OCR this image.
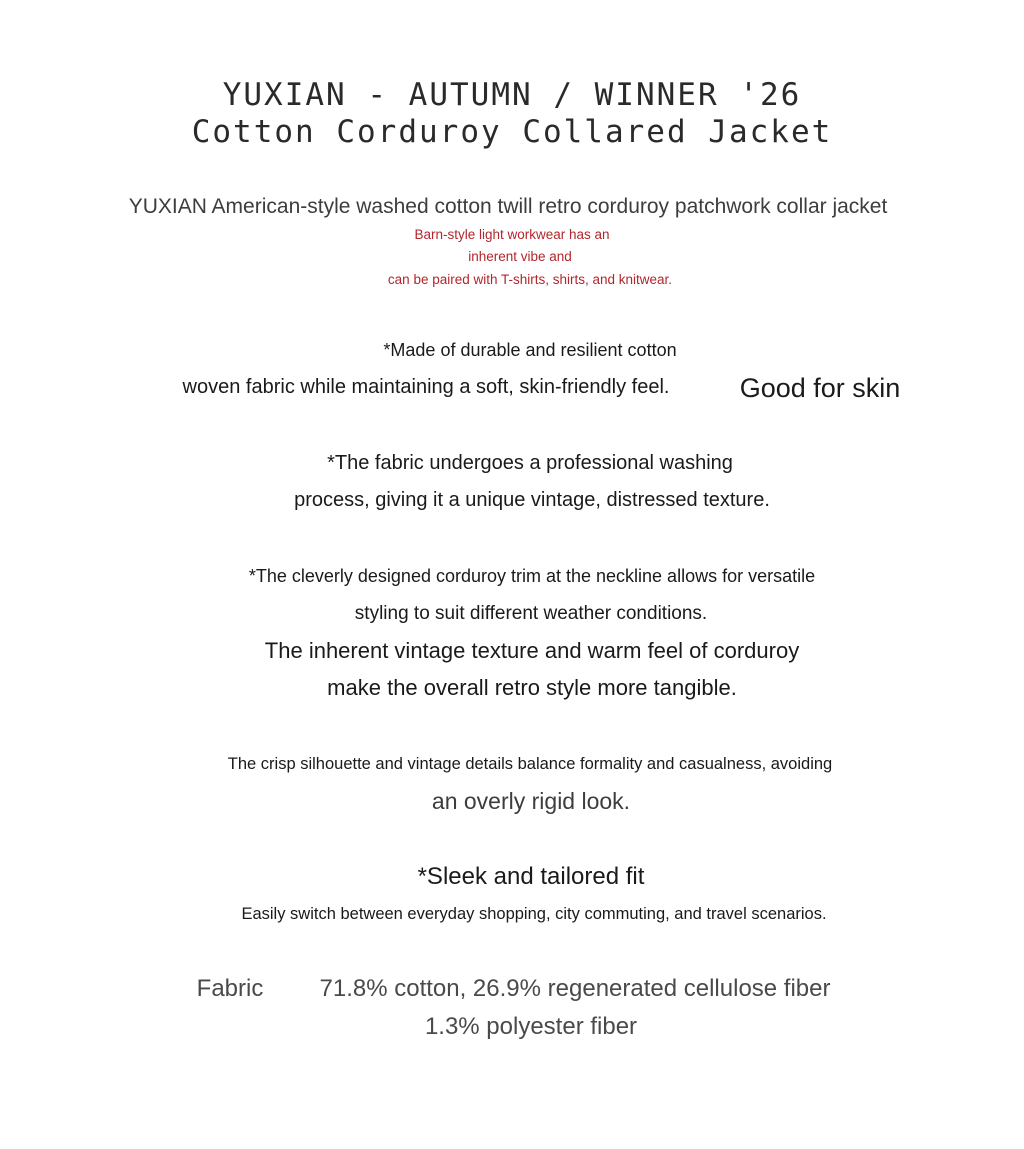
YUXIAN - AUTUMN / WINNER '26
Cotton Corduroy Collared Jacket
YUXIAN American-style washed cotton twill retro corduroy patchwork collar jacket
Barn-style light workwear has an
inherent vibe and
can be paired with T-shirts, shirts, and knitwear.
*Made of durable and resilient cotton
woven fabric while maintaining a soft, skin-friendly feel.	Good for skin
*The fabric undergoes a professional washing
process, giving it a unique vintage, distressed texture.
*The cleverly designed corduroy trim at the neckline allows for versatile
styling to suit different weather conditions.
The inherent vintage texture and warm feel of corduroy
make the overall retro style more tangible.
The crisp silhouette and vintage details balance formality and casualness, avoiding
an overly rigid look.
*Sleek and tailored fit
Easily switch between everyday shopping, city commuting, and travel scenarios.
Fabric	71.8% cotton, 26.9% regenerated cellulose fiber
1.3% polyester fiber
